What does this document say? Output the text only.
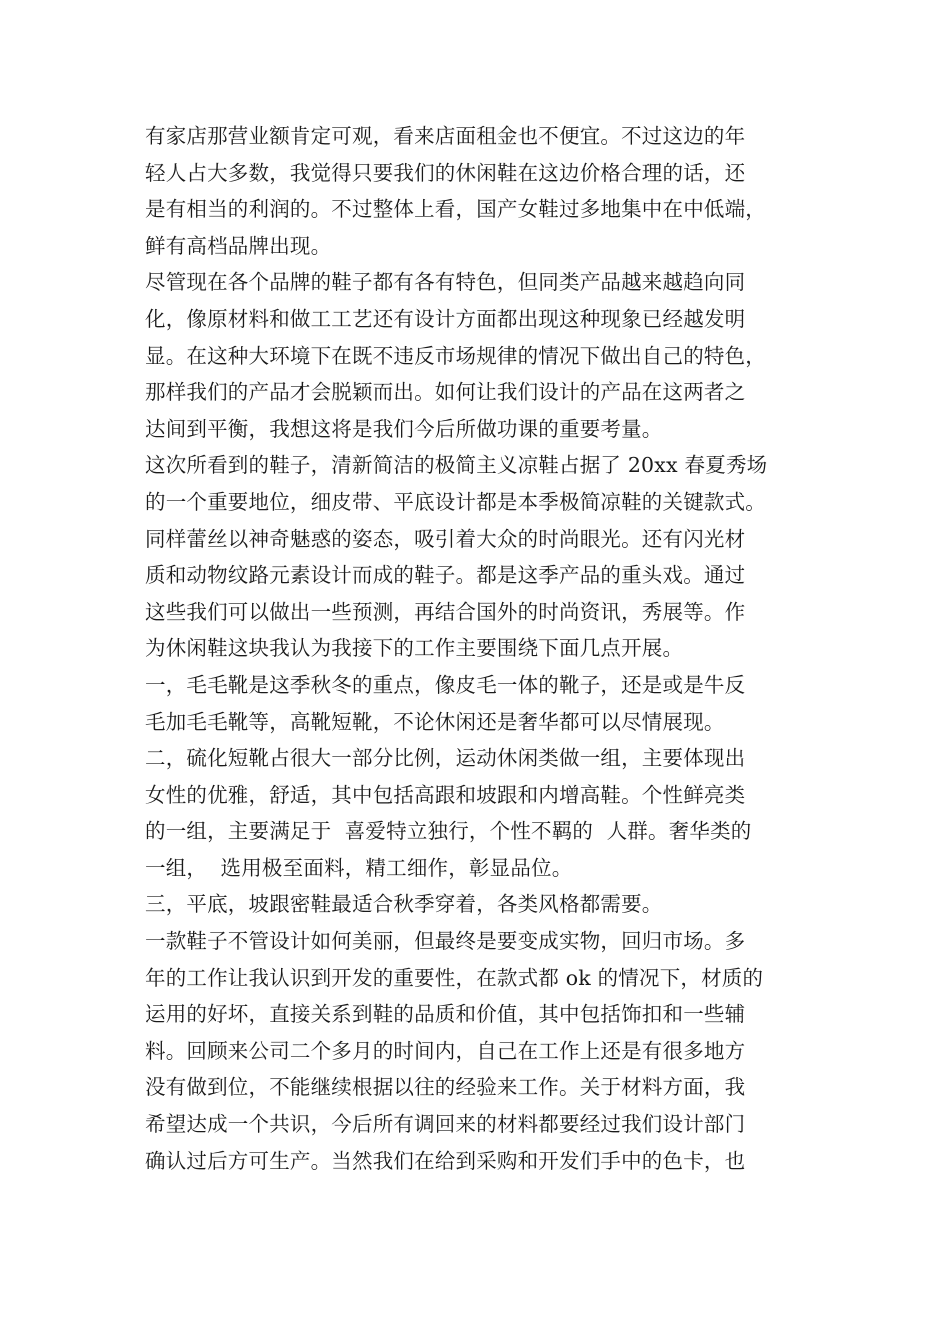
有家店那营业额肯定可观，看来店面租金也不便宜。不过这边的年
轻人占大多数，我觉得只要我们的休闲鞋在这边价格合理的话，还
是有相当的利润的。不过整体上看，国产女鞋过多地集中在中低端，
鲜有高档品牌出现。
尽管现在各个品牌的鞋子都有各有特色，但同类产品越来越趋向同
化，像原材料和做工工艺还有设计方面都出现这种现象已经越发明
显。在这种大环境下在既不违反市场规律的情况下做出自己的特色，
那样我们的产品才会脱颖而出。如何让我们设计的产品在这两者之
达间到平衡，我想这将是我们今后所做功课的重要考量。
这次所看到的鞋子，清新简洁的极简主义凉鞋占据了 20xx 春夏秀场
的一个重要地位，细皮带、平底设计都是本季极简凉鞋的关键款式。
同样蕾丝以神奇魅惑的姿态，吸引着大众的时尚眼光。还有闪光材
质和动物纹路元素设计而成的鞋子。都是这季产品的重头戏。通过
这些我们可以做出一些预测，再结合国外的时尚资讯，秀展等。作
为休闲鞋这块我认为我接下的工作主要围绕下面几点开展。
一，毛毛靴是这季秋冬的重点，像皮毛一体的靴子，还是或是牛反
毛加毛毛靴等，高靴短靴，不论休闲还是奢华都可以尽情展现。
二，硫化短靴占很大一部分比例，运动休闲类做一组，主要体现出
女性的优雅，舒适，其中包括高跟和坡跟和内增高鞋。个性鲜亮类
的一组，主要满足于  喜爱特立独行，个性不羁的  人群。奢华类的
一组，  选用极至面料，精工细作，彰显品位。
三，平底，坡跟密鞋最适合秋季穿着，各类风格都需要。
一款鞋子不管设计如何美丽，但最终是要变成实物，回归市场。多
年的工作让我认识到开发的重要性，在款式都 ok 的情况下，材质的
运用的好坏，直接关系到鞋的品质和价值，其中包括饰扣和一些辅
料。回顾来公司二个多月的时间内，自己在工作上还是有很多地方
没有做到位，不能继续根据以往的经验来工作。关于材料方面，我
希望达成一个共识，今后所有调回来的材料都要经过我们设计部门
确认过后方可生产。当然我们在给到采购和开发们手中的色卡，也
